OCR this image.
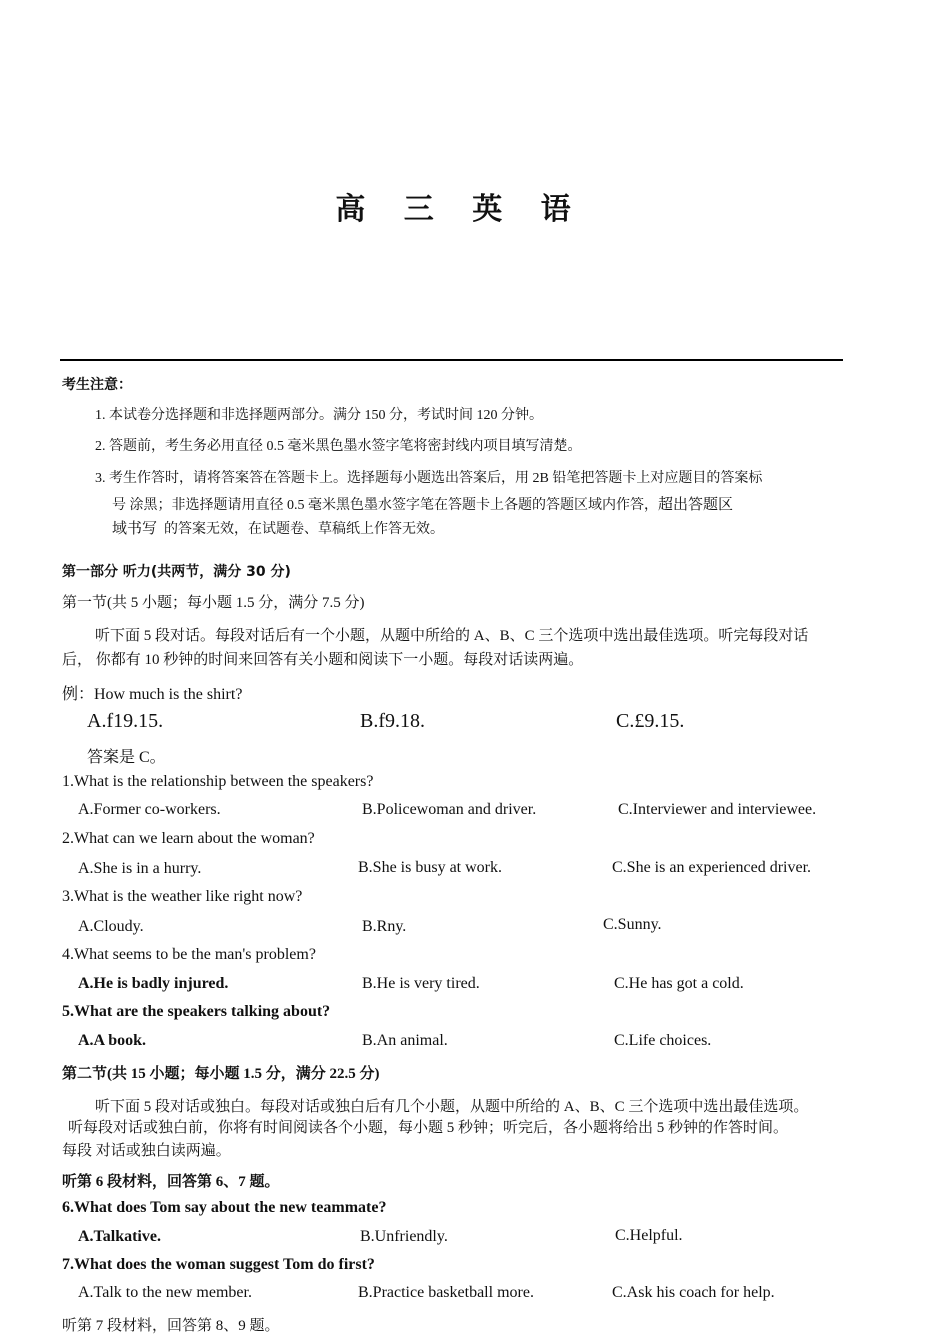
高 三 英 语
考生注意：
1. 本试卷分选择题和非选择题两部分。满分 150 分，考试时间 120 分钟。
2. 答题前，考生务必用直径 0.5 毫米黑色墨水签字笔将密封线内项目填写清楚。
3. 考生作答时，请将答案答在答题卡上。选择题每小题选出答案后，用 2B 铅笔把答题卡上对应题目的答案标
号 涂黑；非选择题请用直径 0.5 毫米黑色墨水签字笔在答题卡上各题的答题区域内作答，超出答题区
域书写 的答案无效，在试题卷、草稿纸上作答无效。
第一部分 听力(共两节，满分 30 分)
第一节(共 5 小题；每小题 1.5 分，满分 7.5 分)
听下面 5 段对话。每段对话后有一个小题，从题中所给的 A、B、C 三个选项中选出最佳选项。听完每段对话
后， 你都有 10 秒钟的时间来回答有关小题和阅读下一小题。每段对话读两遍。
例：How much is the shirt?
A.f19.15.	B.f9.18.	C.£9.15.
答案是 C。
1.What is the relationship between the speakers?
A.Former co-workers.	B.Policewoman and driver.	C.Interviewer and interviewee.
2.What can we learn about the woman?
A.She is in a hurry.	B.She is busy at work.	C.She is an experienced driver.
3.What is the weather like right now?
A.Cloudy.	B.Rny.	C.Sunny.
4.What seems to be the man's problem?
A.He is badly injured.	B.He is very tired.	C.He has got a cold.
5.What are the speakers talking about?
A.A book.	B.An animal.	C.Life choices.
第二节(共 15 小题；每小题 1.5 分，满分 22.5 分)
听下面 5 段对话或独白。每段对话或独白后有几个小题，从题中所给的 A、B、C 三个选项中选出最佳选项。
听每段对话或独白前，你将有时间阅读各个小题，每小题 5 秒钟；听完后，各小题将给出 5 秒钟的作答时间。
每段 对话或独白读两遍。
听第 6 段材料，回答第 6、7 题。
6.What does Tom say about the new teammate?
A.Talkative.	B.Unfriendly.	C.Helpful.
7.What does the woman suggest Tom do first?
A.Talk to the new member.	B.Practice basketball more.	C.Ask his coach for help.
听第 7 段材料，回答第 8、9 题。
